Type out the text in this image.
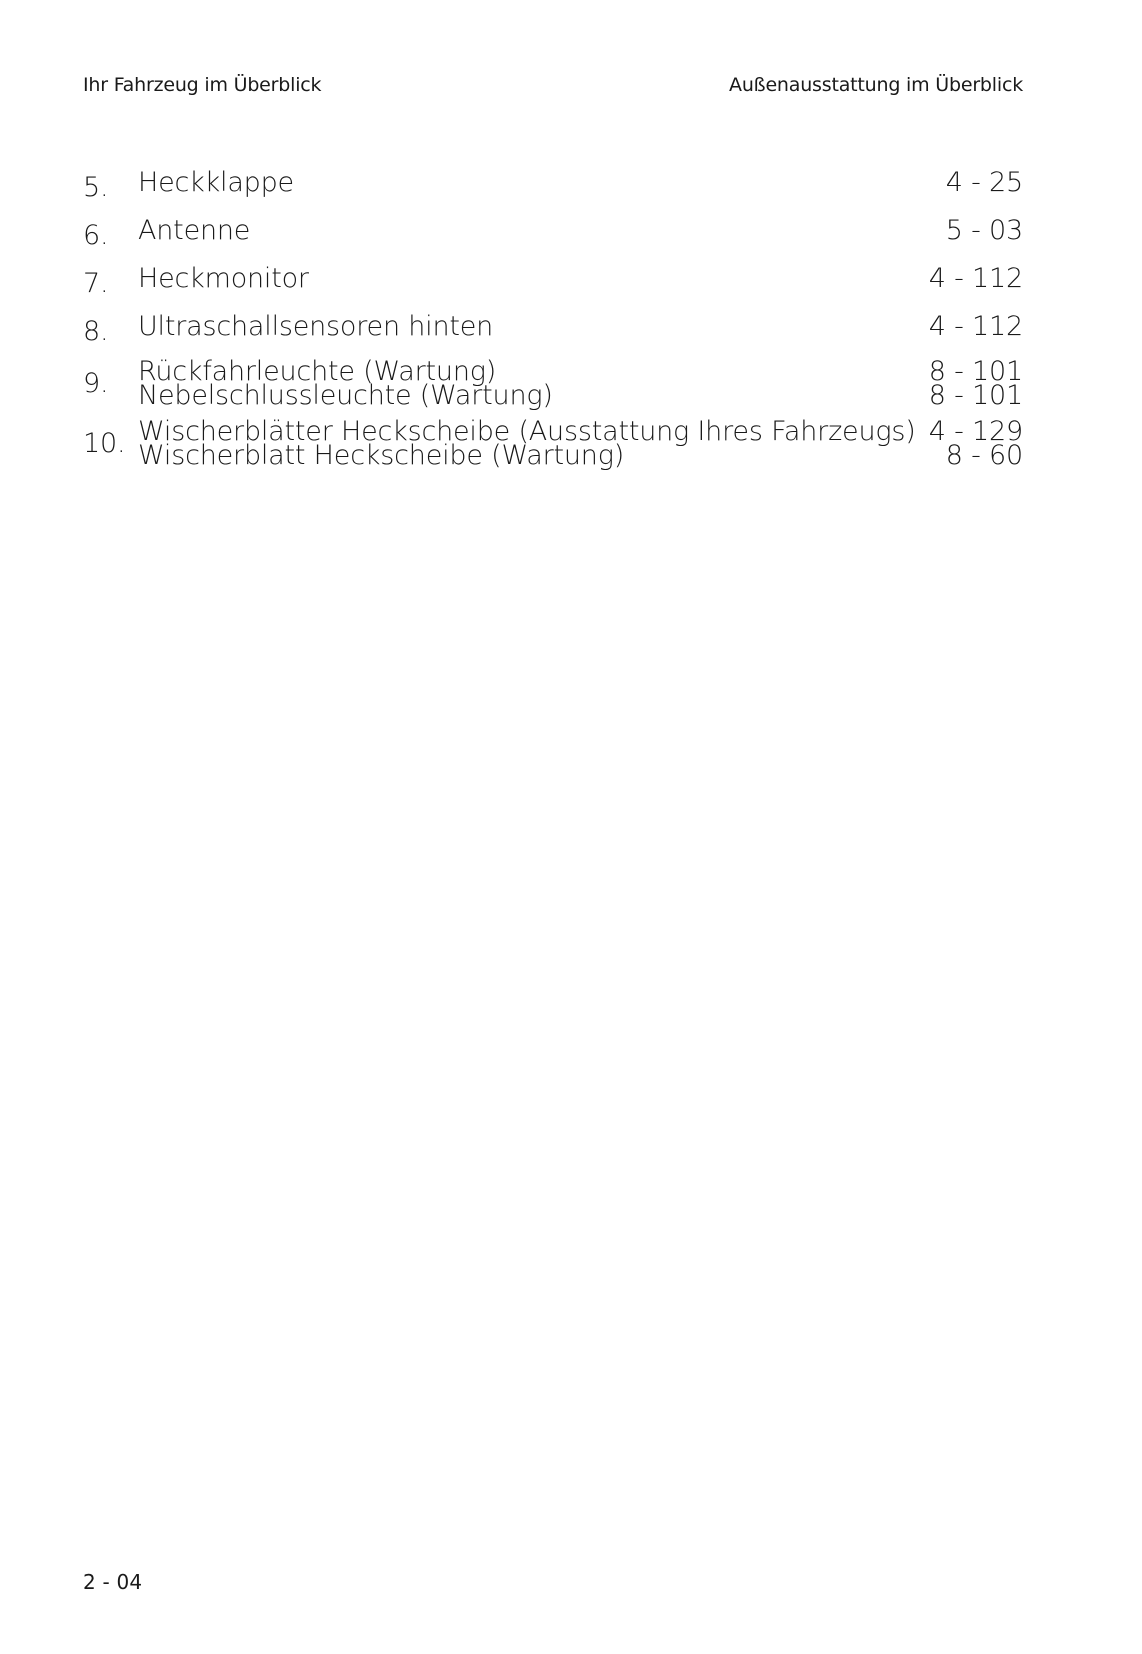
Ihr Fahrzeug im Überblick	Außenausstattung im Überblick
5.	Heckklappe	4 - 25
6.	Antenne	5 - 03
7.	Heckmonitor	4 - 112
8.	Ultraschallsensoren hinten	4 - 112
9.	Rückfahrleuchte (Wartung)	8 - 101
Nebelschlussleuchte (Wartung)	8 - 101
10. Wischerblätter Heckscheibe (Ausstattung Ihres Fahrzeugs) 4 - 129
Wischerblatt Heckscheibe (Wartung)	8 - 60
2 - 04
